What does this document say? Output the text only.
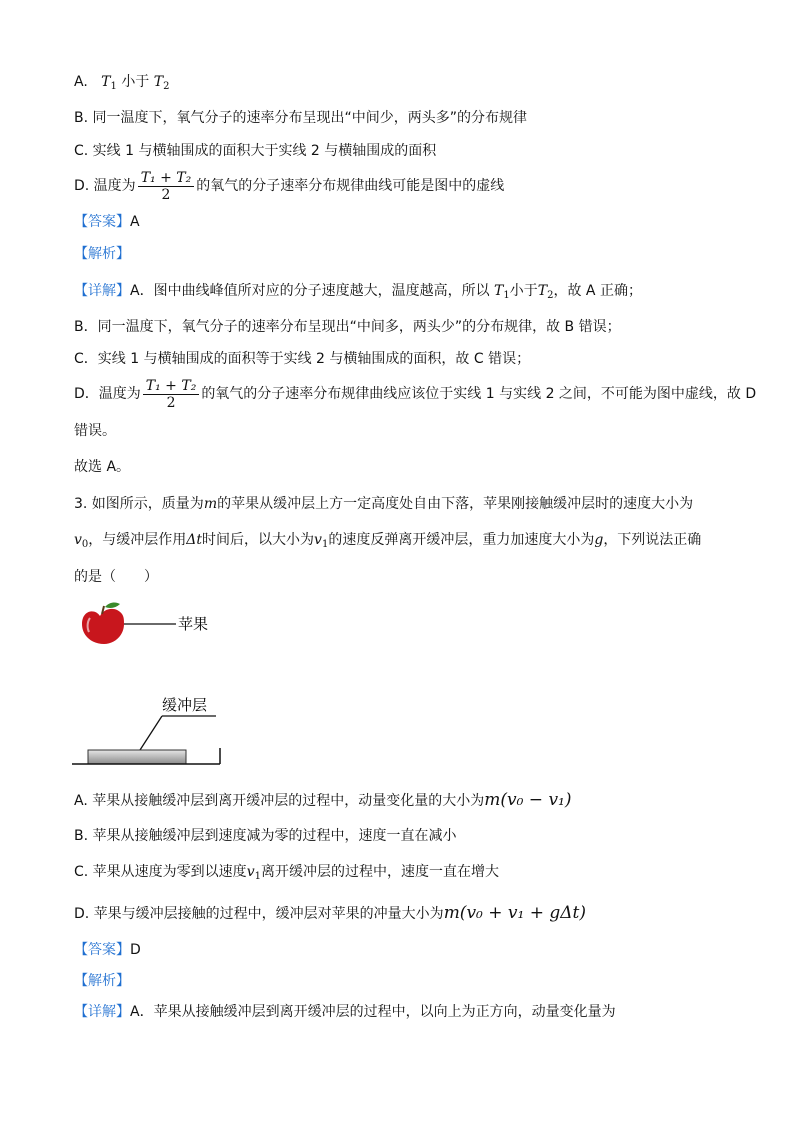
A. $T_1$ 小于 $T_2$
B. 同一温度下，氧气分子的速率分布呈现出“中间少，两头多”的分布规律
C. 实线 1 与横轴围成的面积大于实线 2 与横轴围成的面积
D. 温度为 $\frac{\text{T₁ + T₂}}{2}$ 的氧气的分子速率分布规律曲线可能是图中的虚线
【答案】A
【解析】
【详解】A．图中曲线峰值所对应的分子速度越大，温度越高，所以 $T_1$小于$T_2$，故 A 正确；
B．同一温度下，氧气分子的速率分布呈现出“中间多，两头少”的分布规律，故 B 错误；
C．实线 1 与横轴围成的面积等于实线 2 与横轴围成的面积，故 C 错误；
D．温度为 $\frac{\text{T₁ + T₂}}{2}$ 的氧气的分子速率分布规律曲线应该位于实线 1 与实线 2 之间，不可能为图中虚线，故 D
错误。
故选 A。
3. 如图所示，质量为m的苹果从缓冲层上方一定高度处自由下落，苹果刚接触缓冲层时的速度大小为
$v_0$，与缓冲层作用Δt时间后，以大小为$v_1$的速度反弹离开缓冲层，重力加速度大小为g，下列说法正确
的是（　　）
苹果
缓冲层
A. 苹果从接触缓冲层到离开缓冲层的过程中，动量变化量的大小为m(v₀ − v₁)
B. 苹果从接触缓冲层到速度减为零的过程中，速度一直在减小
C. 苹果从速度为零到以速度$v_1$离开缓冲层的过程中，速度一直在增大
D. 苹果与缓冲层接触的过程中，缓冲层对苹果的冲量大小为m(v₀ + v₁ + gΔt)
【答案】D
【解析】
【详解】A．苹果从接触缓冲层到离开缓冲层的过程中，以向上为正方向，动量变化量为
